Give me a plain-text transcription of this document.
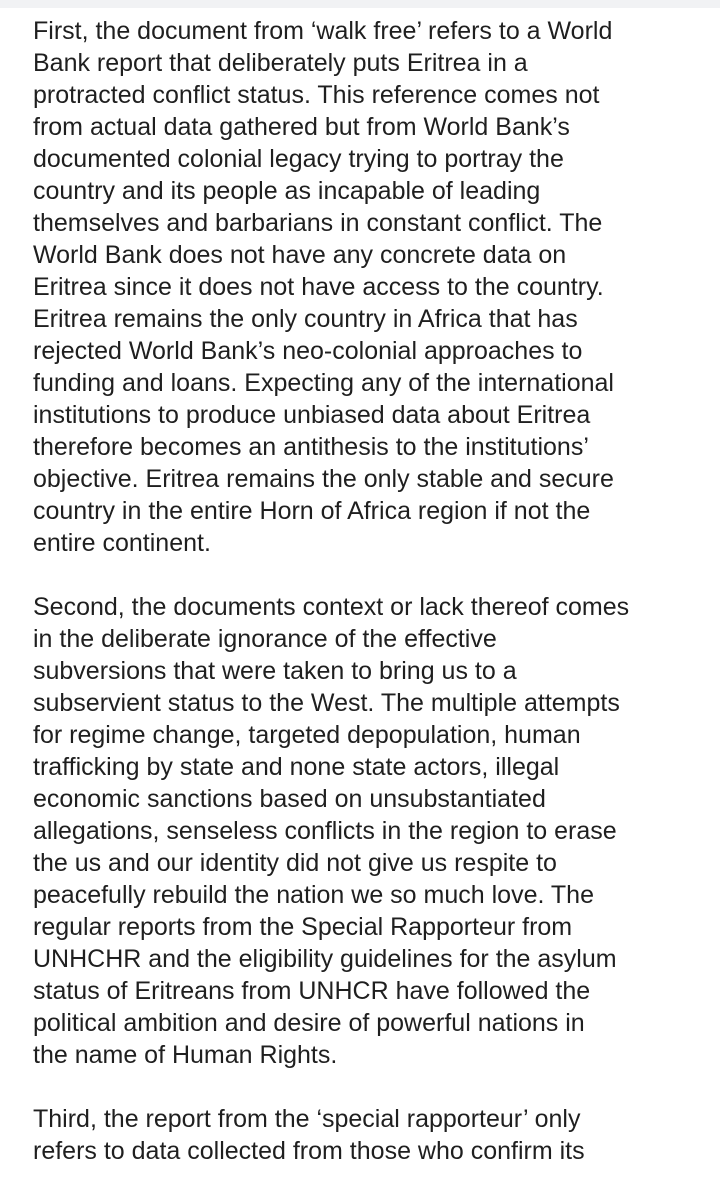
First, the document from ‘walk free’ refers to a World
Bank report that deliberately puts Eritrea in a
protracted conflict status. This reference comes not
from actual data gathered but from World Bank’s
documented colonial legacy trying to portray the
country and its people as incapable of leading
themselves and barbarians in constant conflict. The
World Bank does not have any concrete data on
Eritrea since it does not have access to the country.
Eritrea remains the only country in Africa that has
rejected World Bank’s neo-colonial approaches to
funding and loans. Expecting any of the international
institutions to produce unbiased data about Eritrea
therefore becomes an antithesis to the institutions’
objective. Eritrea remains the only stable and secure
country in the entire Horn of Africa region if not the
entire continent.

Second, the documents context or lack thereof comes
in the deliberate ignorance of the effective
subversions that were taken to bring us to a
subservient status to the West. The multiple attempts
for regime change, targeted depopulation, human
trafficking by state and none state actors, illegal
economic sanctions based on unsubstantiated
allegations, senseless conflicts in the region to erase
the us and our identity did not give us respite to
peacefully rebuild the nation we so much love. The
regular reports from the Special Rapporteur from
UNHCHR and the eligibility guidelines for the asylum
status of Eritreans from UNHCR have followed the
political ambition and desire of powerful nations in
the name of Human Rights.

Third, the report from the ‘special rapporteur’ only
refers to data collected from those who confirm its
